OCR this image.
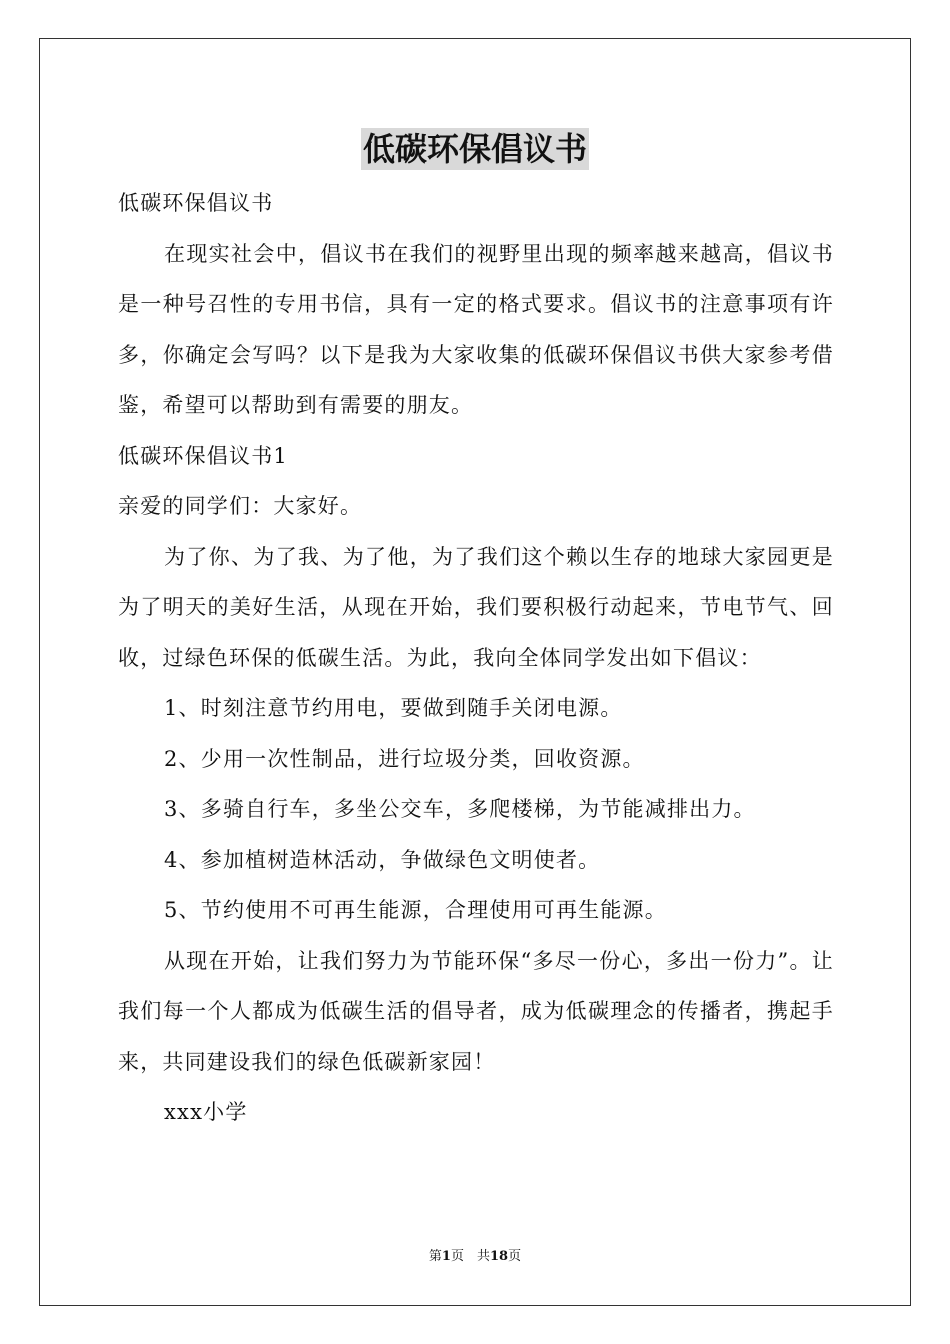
低碳环保倡议书

低碳环保倡议书

在现实社会中，倡议书在我们的视野里出现的频率越来越高，倡议书是一种号召性的专用书信，具有一定的格式要求。倡议书的注意事项有许多，你确定会写吗？以下是我为大家收集的低碳环保倡议书供大家参考借鉴，希望可以帮助到有需要的朋友。

低碳环保倡议书1

亲爱的同学们：大家好。

为了你、为了我、为了他，为了我们这个赖以生存的地球大家园更是为了明天的美好生活，从现在开始，我们要积极行动起来，节电节气、回收，过绿色环保的低碳生活。为此，我向全体同学发出如下倡议：

1、时刻注意节约用电，要做到随手关闭电源。

2、少用一次性制品，进行垃圾分类，回收资源。

3、多骑自行车，多坐公交车，多爬楼梯，为节能减排出力。

4、参加植树造林活动，争做绿色文明使者。

5、节约使用不可再生能源，合理使用可再生能源。

从现在开始，让我们努力为节能环保“多尽一份心，多出一份力”。让我们每一个人都成为低碳生活的倡导者，成为低碳理念的传播者，携起手来，共同建设我们的绿色低碳新家园！

xxx小学

第1页　共18页
